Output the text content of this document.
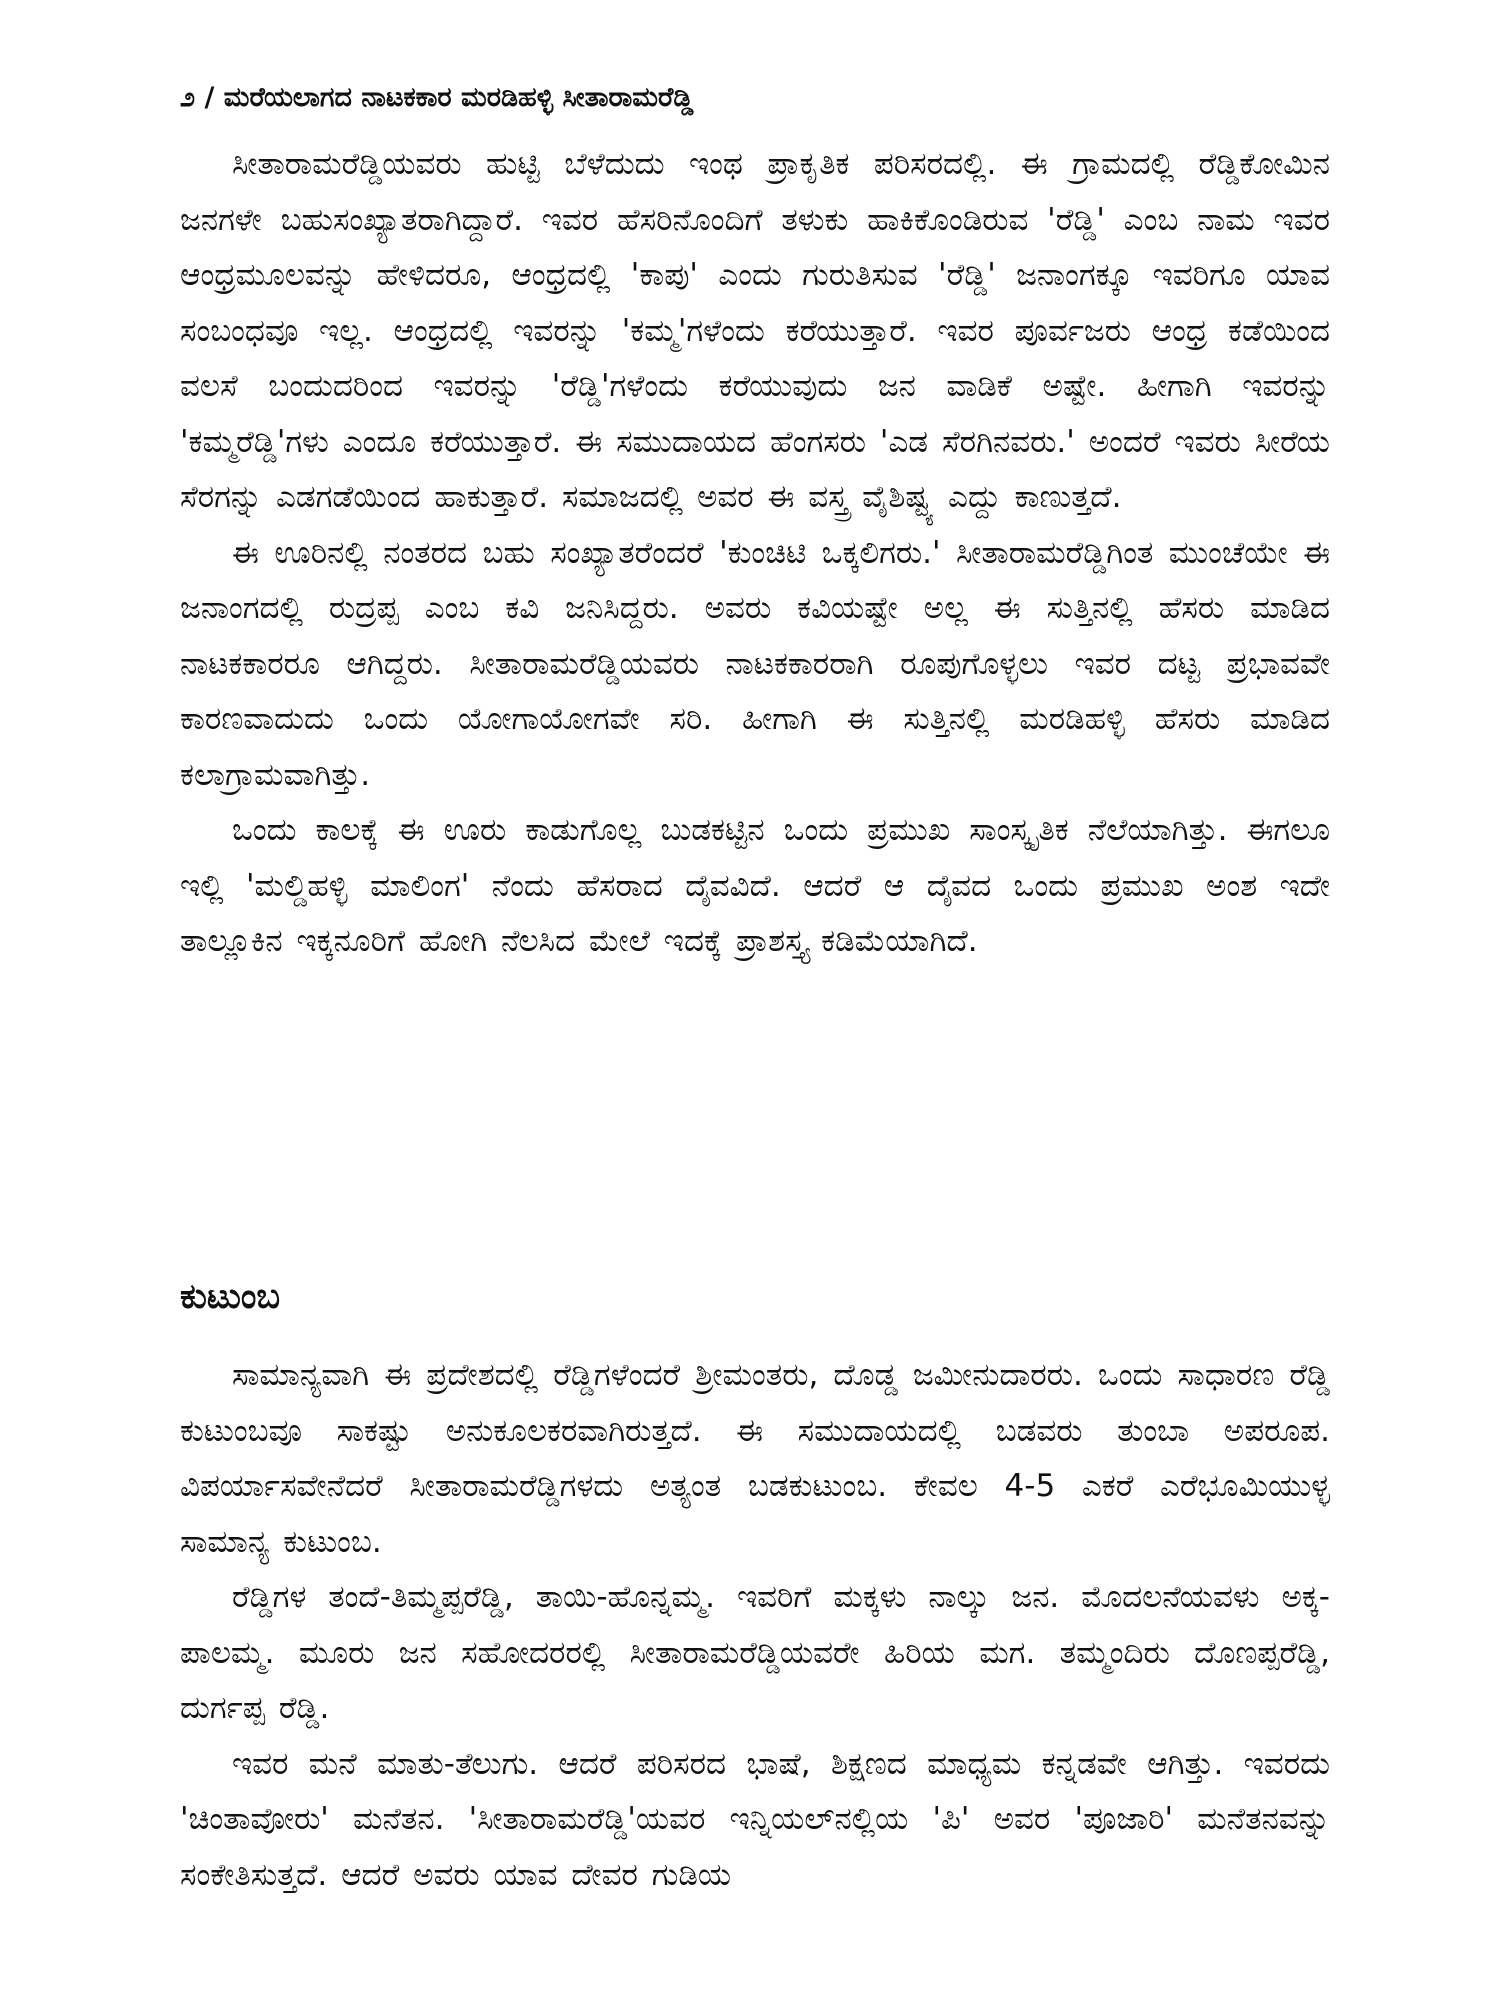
೨ / ಮರೆಯಲಾಗದ ನಾಟಕಕಾರ ಮರಡಿಹಳ್ಳಿ ಸೀತಾರಾಮರೆಡ್ಡಿ

ಸೀತಾರಾಮರೆಡ್ಡಿಯವರು ಹುಟ್ಟಿ ಬೆಳೆದುದು ಇಂಥ ಪ್ರಾಕೃತಿಕ ಪರಿಸರದಲ್ಲಿ. ಈ ಗ್ರಾಮದಲ್ಲಿ ರೆಡ್ಡಿಕೋಮಿನ ಜನಗಳೇ ಬಹುಸಂಖ್ಯಾತರಾಗಿದ್ದಾರೆ. ಇವರ ಹೆಸರಿನೊಂದಿಗೆ ತಳುಕು ಹಾಕಿಕೊಂಡಿರುವ 'ರೆಡ್ಡಿ' ಎಂಬ ನಾಮ ಇವರ ಆಂಧ್ರಮೂಲವನ್ನು ಹೇಳಿದರೂ, ಆಂಧ್ರದಲ್ಲಿ 'ಕಾಪು' ಎಂದು ಗುರುತಿಸುವ 'ರೆಡ್ಡಿ' ಜನಾಂಗಕ್ಕೂ ಇವರಿಗೂ ಯಾವ ಸಂಬಂಧವೂ ಇಲ್ಲ. ಆಂಧ್ರದಲ್ಲಿ ಇವರನ್ನು 'ಕಮ್ಮ'ಗಳೆಂದು ಕರೆಯುತ್ತಾರೆ. ಇವರ ಪೂರ್ವಜರು ಆಂಧ್ರ ಕಡೆಯಿಂದ ವಲಸೆ ಬಂದುದರಿಂದ ಇವರನ್ನು 'ರೆಡ್ಡಿ'ಗಳೆಂದು ಕರೆಯುವುದು ಜನ ವಾಡಿಕೆ ಅಷ್ಟೇ. ಹೀಗಾಗಿ ಇವರನ್ನು 'ಕಮ್ಮರೆಡ್ಡಿ'ಗಳು ಎಂದೂ ಕರೆಯುತ್ತಾರೆ. ಈ ಸಮುದಾಯದ ಹೆಂಗಸರು 'ಎಡ ಸೆರಗಿನವರು.' ಅಂದರೆ ಇವರು ಸೀರೆಯ ಸೆರಗನ್ನು ಎಡಗಡೆಯಿಂದ ಹಾಕುತ್ತಾರೆ. ಸಮಾಜದಲ್ಲಿ ಅವರ ಈ ವಸ್ತ್ರ ವೈಶಿಷ್ಟ್ಯ ಎದ್ದು ಕಾಣುತ್ತದೆ.

ಈ ಊರಿನಲ್ಲಿ ನಂತರದ ಬಹು ಸಂಖ್ಯಾತರೆಂದರೆ 'ಕುಂಚಿಟಿ ಒಕ್ಕಲಿಗರು.' ಸೀತಾರಾಮರೆಡ್ಡಿಗಿಂತ ಮುಂಚೆಯೇ ಈ ಜನಾಂಗದಲ್ಲಿ ರುದ್ರಪ್ಪ ಎಂಬ ಕವಿ ಜನಿಸಿದ್ದರು. ಅವರು ಕವಿಯಷ್ಟೇ ಅಲ್ಲ ಈ ಸುತ್ತಿನಲ್ಲಿ ಹೆಸರು ಮಾಡಿದ ನಾಟಕಕಾರರೂ ಆಗಿದ್ದರು. ಸೀತಾರಾಮರೆಡ್ಡಿಯವರು ನಾಟಕಕಾರರಾಗಿ ರೂಪುಗೊಳ್ಳಲು ಇವರ ದಟ್ಟ ಪ್ರಭಾವವೇ ಕಾರಣವಾದುದು ಒಂದು ಯೋಗಾಯೋಗವೇ ಸರಿ. ಹೀಗಾಗಿ ಈ ಸುತ್ತಿನಲ್ಲಿ ಮರಡಿಹಳ್ಳಿ ಹೆಸರು ಮಾಡಿದ ಕಲಾಗ್ರಾಮವಾಗಿತ್ತು.

ಒಂದು ಕಾಲಕ್ಕೆ ಈ ಊರು ಕಾಡುಗೊಲ್ಲ ಬುಡಕಟ್ಟಿನ ಒಂದು ಪ್ರಮುಖ ಸಾಂಸ್ಕೃತಿಕ ನೆಲೆಯಾಗಿತ್ತು. ಈಗಲೂ ಇಲ್ಲಿ 'ಮಲ್ಡಿಹಳ್ಳಿ ಮಾಲಿಂಗ' ನೆಂದು ಹೆಸರಾದ ದೈವವಿದೆ. ಆದರೆ ಆ ದೈವದ ಒಂದು ಪ್ರಮುಖ ಅಂಶ ಇದೇ ತಾಲ್ಲೂಕಿನ ಇಕ್ಕನೂರಿಗೆ ಹೋಗಿ ನೆಲಸಿದ ಮೇಲೆ ಇದಕ್ಕೆ ಪ್ರಾಶಸ್ತ್ಯ ಕಡಿಮೆಯಾಗಿದೆ.

ಕುಟುಂಬ

ಸಾಮಾನ್ಯವಾಗಿ ಈ ಪ್ರದೇಶದಲ್ಲಿ ರೆಡ್ಡಿಗಳೆಂದರೆ ಶ್ರೀಮಂತರು, ದೊಡ್ಡ ಜಮೀನುದಾರರು. ಒಂದು ಸಾಧಾರಣ ರೆಡ್ಡಿ ಕುಟುಂಬವೂ ಸಾಕಷ್ಟು ಅನುಕೂಲಕರವಾಗಿರುತ್ತದೆ. ಈ ಸಮುದಾಯದಲ್ಲಿ ಬಡವರು ತುಂಬಾ ಅಪರೂಪ. ವಿಪರ್ಯಾಸವೇನೆದರೆ ಸೀತಾರಾಮರೆಡ್ಡಿಗಳದು ಅತ್ಯಂತ ಬಡಕುಟುಂಬ. ಕೇವಲ 4-5 ಎಕರೆ ಎರೆಭೂಮಿಯುಳ್ಳ ಸಾಮಾನ್ಯ ಕುಟುಂಬ.

ರೆಡ್ಡಿಗಳ ತಂದೆ-ತಿಮ್ಮಪ್ಪರೆಡ್ಡಿ, ತಾಯಿ-ಹೊನ್ನಮ್ಮ. ಇವರಿಗೆ ಮಕ್ಕಳು ನಾಲ್ಕು ಜನ. ಮೊದಲನೆಯವಳು ಅಕ್ಕ-ಪಾಲಮ್ಮ. ಮೂರು ಜನ ಸಹೋದರರಲ್ಲಿ ಸೀತಾರಾಮರೆಡ್ಡಿಯವರೇ ಹಿರಿಯ ಮಗ. ತಮ್ಮಂದಿರು ದೊಣಪ್ಪರೆಡ್ಡಿ, ದುರ್ಗಪ್ಪ ರೆಡ್ಡಿ.

ಇವರ ಮನೆ ಮಾತು-ತೆಲುಗು. ಆದರೆ ಪರಿಸರದ ಭಾಷೆ, ಶಿಕ್ಷಣದ ಮಾಧ್ಯಮ ಕನ್ನಡವೇ ಆಗಿತ್ತು. ಇವರದು 'ಚಿಂತಾವೋರು' ಮನೆತನ. 'ಸೀತಾರಾಮರೆಡ್ಡಿ'ಯವರ ಇನ್ನಿಯಲ್‌ನಲ್ಲಿಯ 'ಪಿ' ಅವರ 'ಪೂಜಾರಿ' ಮನೆತನವನ್ನು ಸಂಕೇತಿಸುತ್ತದೆ. ಆದರೆ ಅವರು ಯಾವ ದೇವರ ಗುಡಿಯ
